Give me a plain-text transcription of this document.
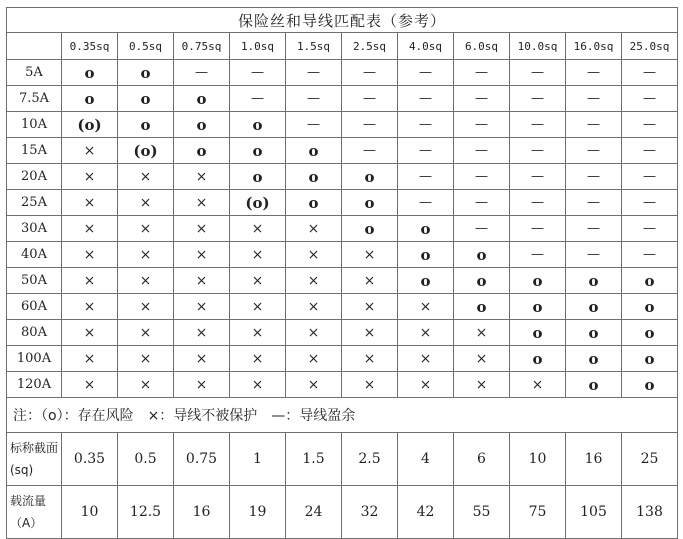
保险丝和导线匹配表（参考）											
	0.35sq	0.5sq	0.75sq	1.0sq	1.5sq	2.5sq	4.0sq	6.0sq	10.0sq	16.0sq	25.0sq
5A	o	o	—	—	—	—	—	—	—	—	—
7.5A	o	o	o	—	—	—	—	—	—	—	—
10A	(o)	o	o	o	—	—	—	—	—	—	—
15A	×	(o)	o	o	o	—	—	—	—	—	—
20A	×	×	×	o	o	o	—	—	—	—	—
25A	×	×	×	(o)	o	o	—	—	—	—	—
30A	×	×	×	×	×	o	o	—	—	—	—
40A	×	×	×	×	×	×	o	o	—	—	—
50A	×	×	×	×	×	×	o	o	o	o	o
60A	×	×	×	×	×	×	×	o	o	o	o
80A	×	×	×	×	×	×	×	×	o	o	o
100A	×	×	×	×	×	×	×	×	o	o	o
120A	×	×	×	×	×	×	×	×	×	o	o
注：（o）：存在风险　×：导线不被保护　—：导线盈余											
标称截面(sq)	0.35	0.5	0.75	1	1.5	2.5	4	6	10	16	25
载流量（A）	10	12.5	16	19	24	32	42	55	75	105	138
